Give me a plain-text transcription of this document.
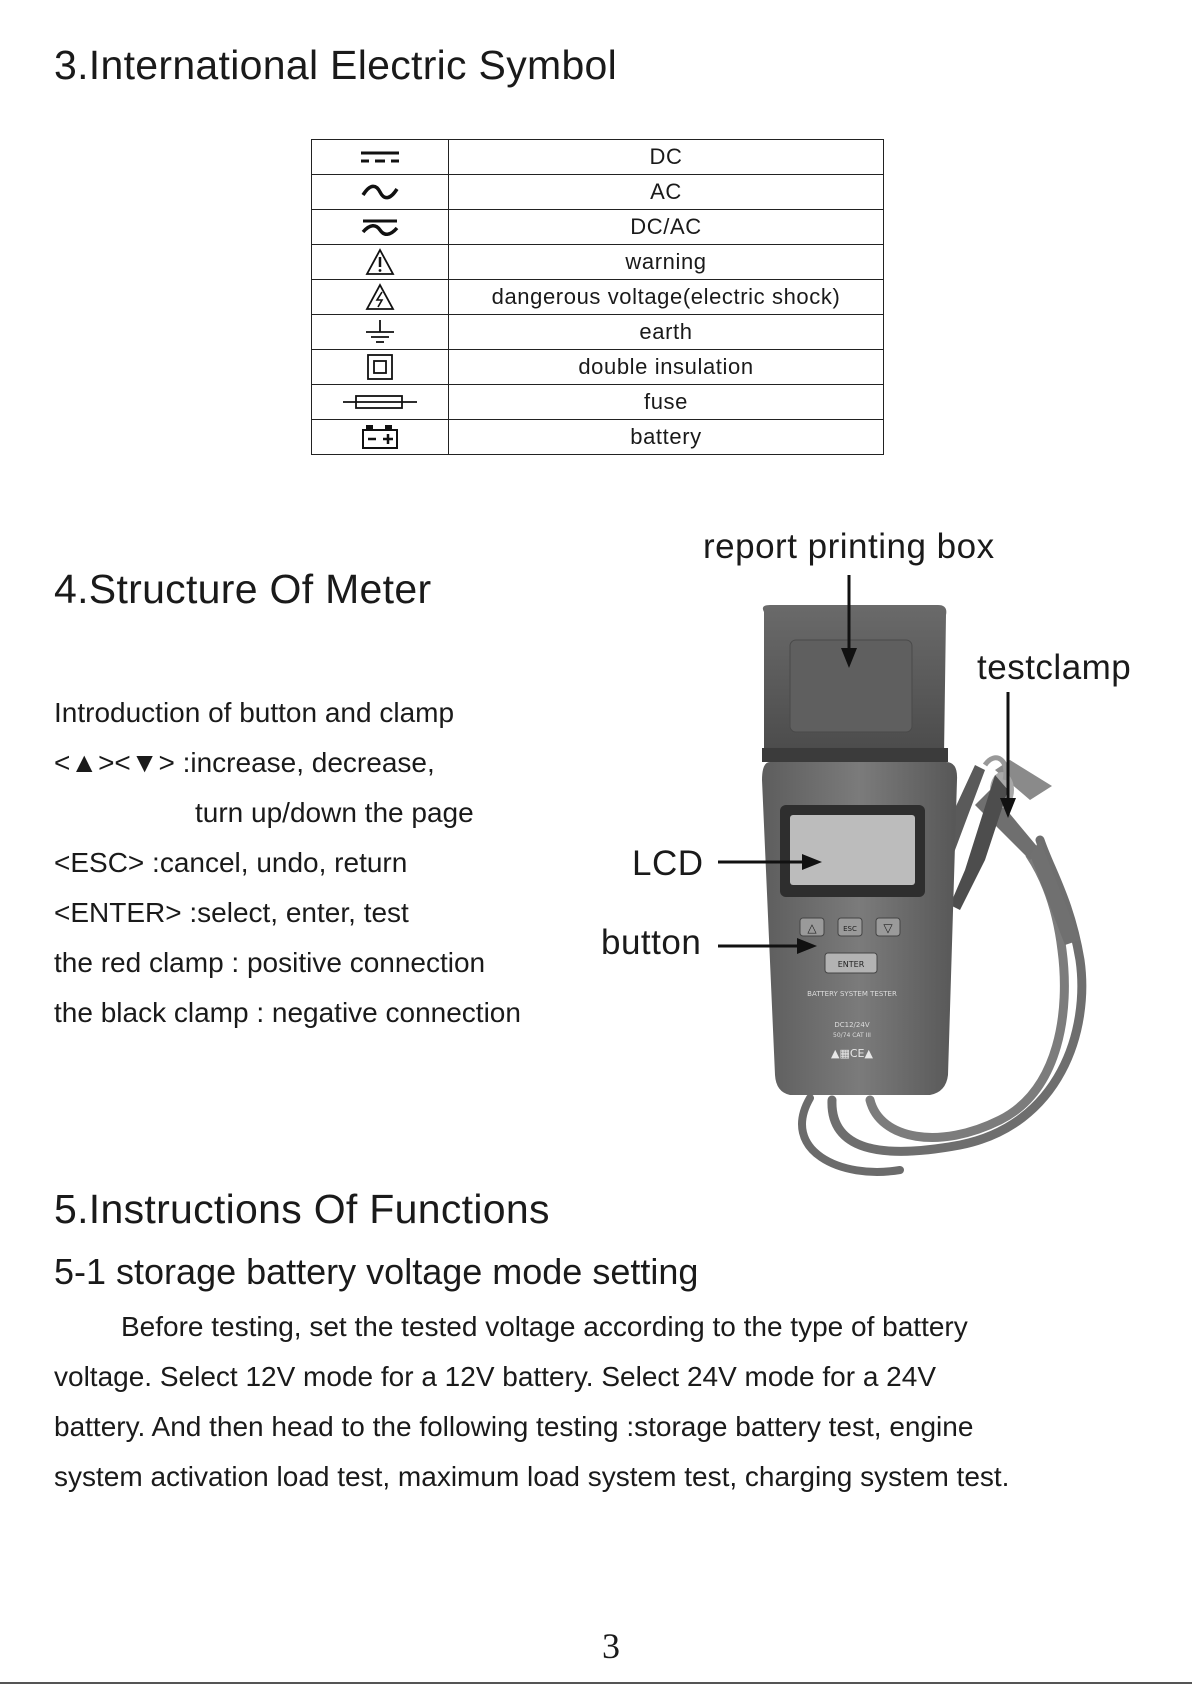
3.International Electric Symbol
	DC

	AC

	DC/AC

	warning

	dangerous voltage(electric shock)

	earth

	double insulation

	fuse

	battery
4.Structure Of Meter
Introduction of button and clamp
<▲><▼> :increase, decrease,
turn up/down the page
<ESC> :cancel, undo, return
<ENTER> :select, enter, test
the red clamp : positive connection
the black clamp : negative connection
report printing box
testclamp
LCD
button	△	ESC ▽
ENTER
BATTERY SYSTEM TESTER
DC12/24V
50/74 CAT III
▲▦CE▲
5.Instructions Of Functions
5-1 storage battery voltage mode setting
Before testing, set the tested voltage according to the type of battery
voltage. Select 12V mode for a 12V battery. Select 24V mode for a 24V
battery. And then head to the following testing :storage battery test, engine
system activation load test, maximum load system test, charging system test.
3
